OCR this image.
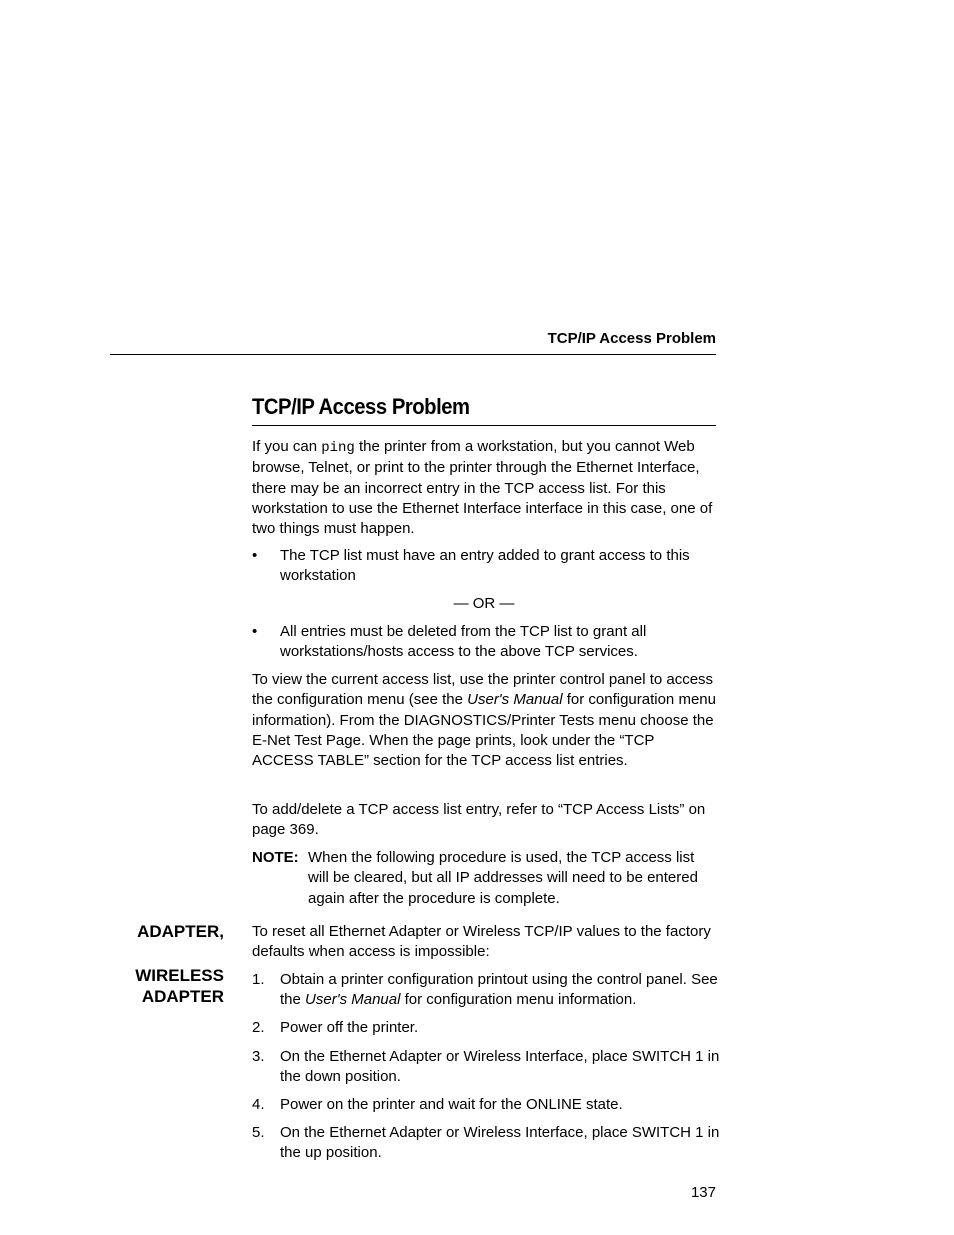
TCP/IP Access Problem
TCP/IP Access Problem

If you can ping the printer from a workstation, but you cannot Web browse, Telnet, or print to the printer through the Ethernet Interface, there may be an incorrect entry in the TCP access list. For this workstation to use the Ethernet Interface interface in this case, one of two things must happen.

• The TCP list must have an entry added to grant access to this workstation

— OR —
• All entries must be deleted from the TCP list to grant all workstations/hosts access to the above TCP services.

To view the current access list, use the printer control panel to access the configuration menu (see the User's Manual for configuration menu information). From the DIAGNOSTICS/Printer Tests menu choose the E-Net Test Page. When the page prints, look under the “TCP ACCESS TABLE” section for the TCP access list entries.

To add/delete a TCP access list entry, refer to “TCP Access Lists” on page 369.

NOTE: When the following procedure is used, the TCP access list will be cleared, but all IP addresses will need to be entered again after the procedure is complete.

ADAPTER,
WIRELESS
ADAPTER

To reset all Ethernet Adapter or Wireless TCP/IP values to the factory defaults when access is impossible:

1. Obtain a printer configuration printout using the control panel. See the User's Manual for configuration menu information.

2. Power off the printer.

3. On the Ethernet Adapter or Wireless Interface, place SWITCH 1 in the down position.

4. Power on the printer and wait for the ONLINE state.

5. On the Ethernet Adapter or Wireless Interface, place SWITCH 1 in the up position.

137
